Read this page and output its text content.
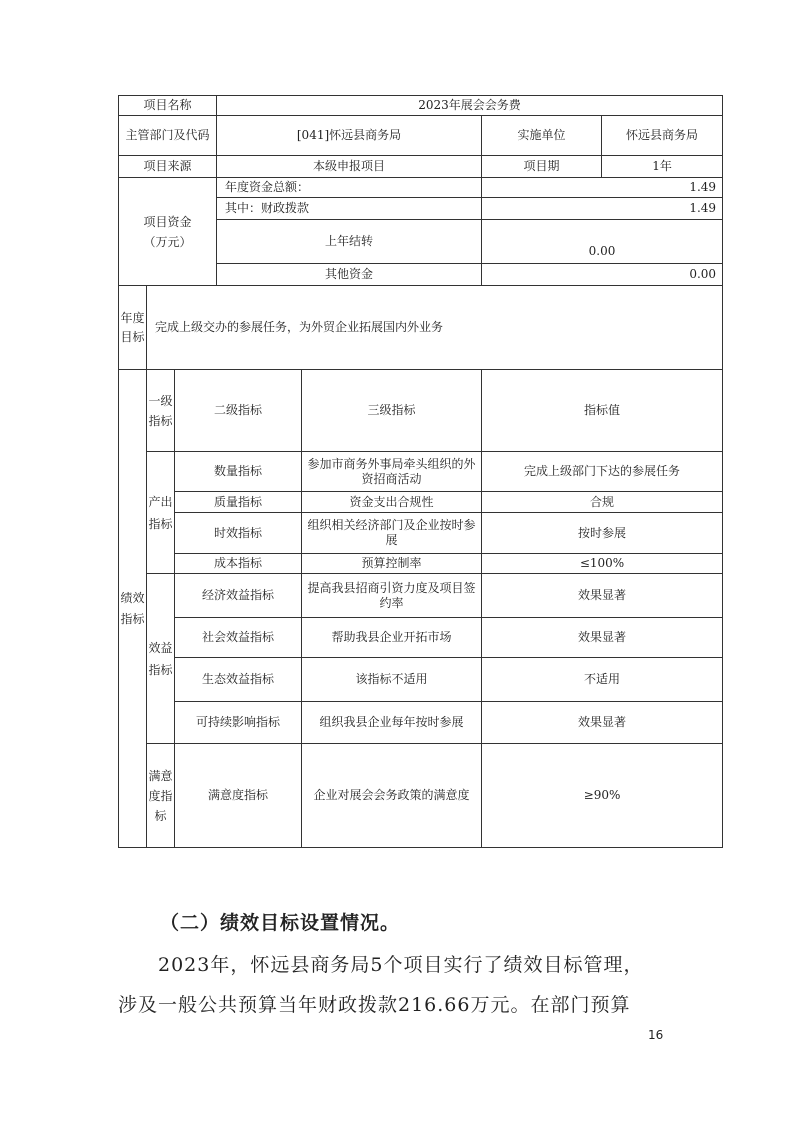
项目名称			2023年展会会务费			
主管部门及代码			[041]怀远县商务局		实施单位	怀远县商务局
项目来源			本级申报项目		项目期	1年
项目资金（万元）			年度资金总额：		1.49	
			其中：财政拨款		1.49	
			上年结转		0.00	
			其他资金		0.00	
年度目标	完成上级交办的参展任务，为外贸企业拓展国内外业务					
绩效指标	一级指标	二级指标		三级指标	指标值	
	产出指标	数量指标		参加市商务外事局牵头组织的外资招商活动	完成上级部门下达的参展任务	
		质量指标		资金支出合规性	合规	
		时效指标		组织相关经济部门及企业按时参展	按时参展	
		成本指标		预算控制率	≤100%	
	效益指标	经济效益指标		提高我县招商引资力度及项目签约率	效果显著	
		社会效益指标		帮助我县企业开拓市场	效果显著	
		生态效益指标		该指标不适用	不适用	
		可持续影响指标		组织我县企业每年按时参展	效果显著	
	满意度指标	满意度指标		企业对展会会务政策的满意度	≥90%	
（二）绩效目标设置情况。
2023年，怀远县商务局5个项目实行了绩效目标管理，
涉及一般公共预算当年财政拨款216.66万元。在部门预算
16
